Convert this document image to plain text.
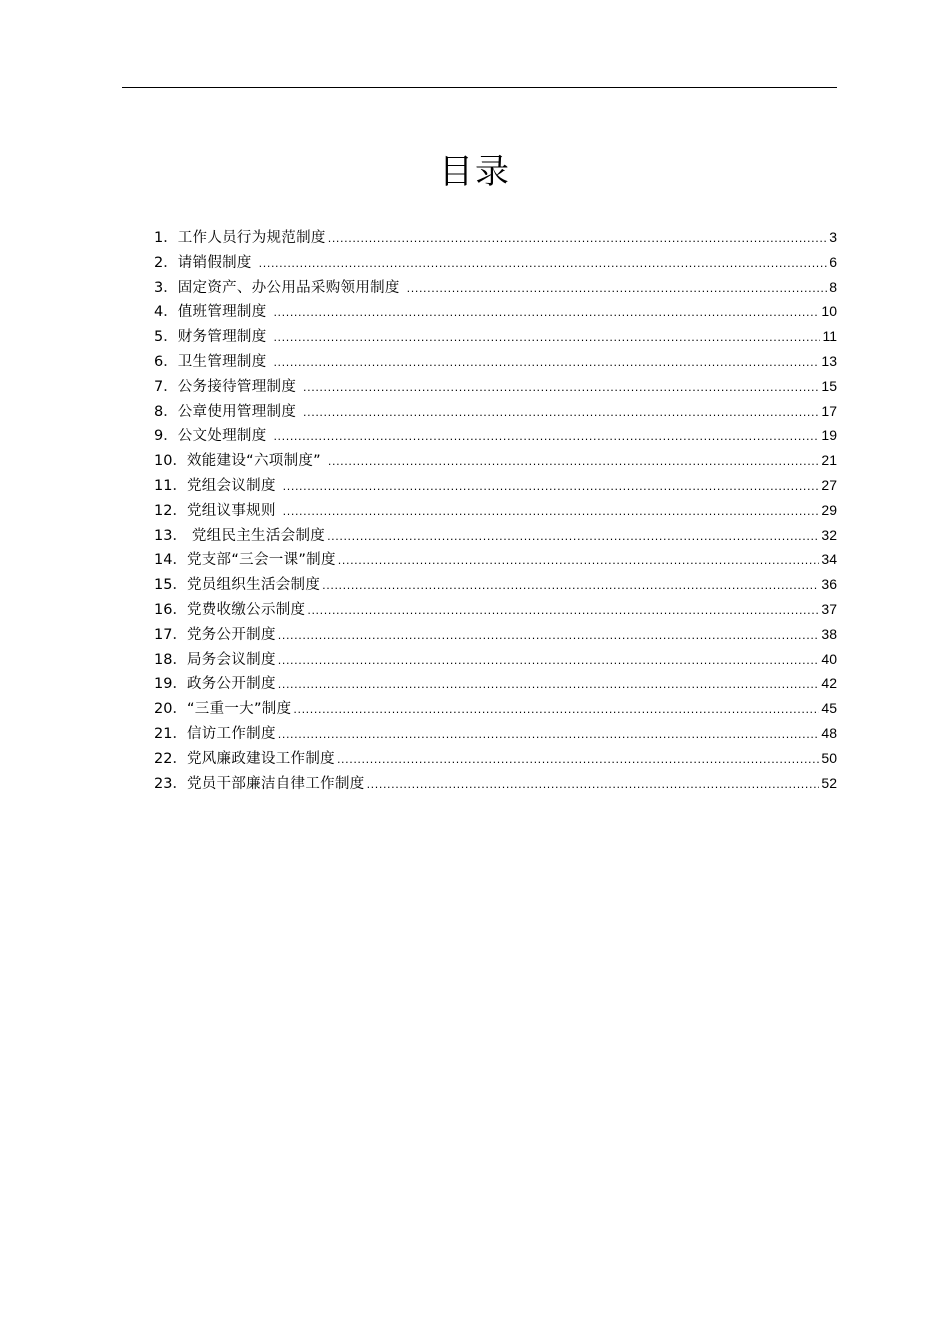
目录
1． 工作人员行为规范制度 .....	3
2． 请销假制度 .....	6
3． 固定资产、办公用品采购领用制度 .....	8
4． 值班管理制度 .....	10
5． 财务管理制度 .....	11
6． 卫生管理制度 .....	13
7． 公务接待管理制度 .....	15
8． 公章使用管理制度 .....	17
9． 公文处理制度 .....	19
10． 效能建设“六项制度” .....	21
11． 党组会议制度 .....	27
12． 党组议事规则 .....	29
13． 党组民主生活会制度 .....	32
14． 党支部“三会一课”制度 .....	34
15． 党员组织生活会制度 .....	36
16． 党费收缴公示制度 .....	37
17． 党务公开制度 .....	38
18． 局务会议制度 .....	40
19． 政务公开制度 .....	42
20． “三重一大”制度 .....	45
21． 信访工作制度 .....	48
22． 党风廉政建设工作制度 .....	50
23． 党员干部廉洁自律工作制度 .....	52
